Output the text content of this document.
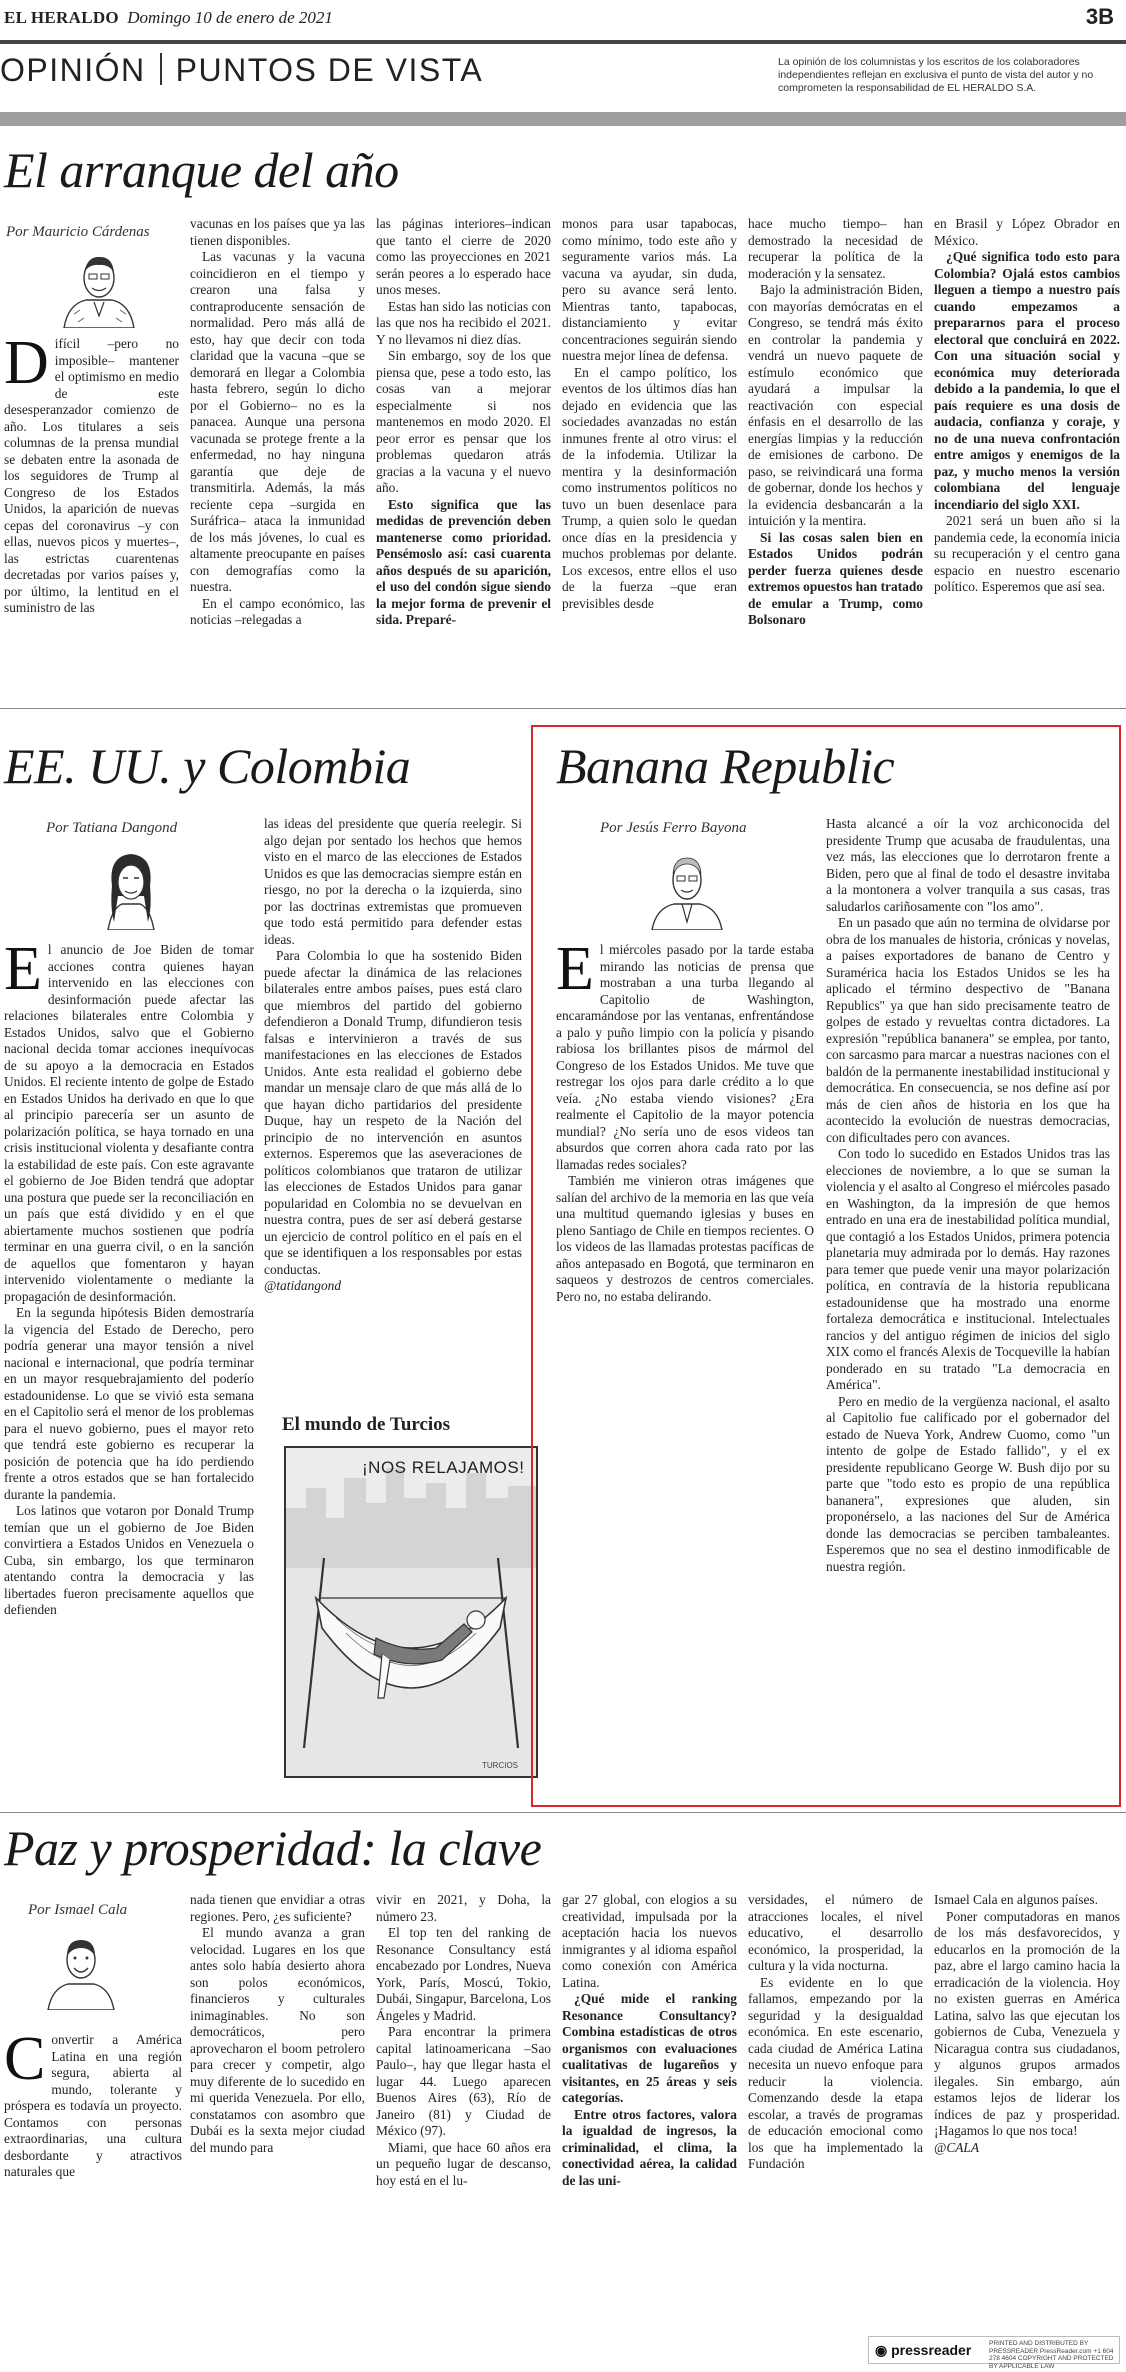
EL HERALDO Domingo 10 de enero de 2021	3B
OPINIÓN PUNTOS DE VISTA	La opinión de los columnistas y los escritos de los colaboradores independientes reflejan en exclusiva el punto de vista del autor y no comprometen la responsabilidad de EL HERALDO S.A.
El arranque del año
Por Mauricio Cárdenas

Difícil –pero no imposible– mantener el optimismo en medio de este desesperanzador comienzo de año. Los titulares a seis columnas de la prensa mundial se debaten entre la asonada de los seguidores de Trump al Congreso de los Estados Unidos, la aparición de nuevas cepas del coronavirus –y con ellas, nuevos picos y muertes–, las estrictas cuarentenas decretadas por varios países y, por último, la lentitud en el suministro de las

vacunas en los países que ya las tienen disponibles.

Las vacunas y la vacuna coincidieron en el tiempo y crearon una falsa y contraproducente sensación de normalidad. Pero más allá de esto, hay que decir con toda claridad que la vacuna –que se demorará en llegar a Colombia hasta febrero, según lo dicho por el Gobierno– no es la panacea. Aunque una persona vacunada se protege frente a la enfermedad, no hay ninguna garantía que deje de transmitirla. Además, la más reciente cepa –surgida en Suráfrica– ataca la inmunidad de los más jóvenes, lo cual es altamente preocupante en países con demografías como la nuestra.

En el campo económico, las noticias –relegadas a

las páginas interiores–indican que tanto el cierre de 2020 como las proyecciones en 2021 serán peores a lo esperado hace unos meses.

Estas han sido las noticias con las que nos ha recibido el 2021. Y no llevamos ni diez días.

Sin embargo, soy de los que piensa que, pese a todo esto, las cosas van a mejorar especialmente si nos mantenemos en modo 2020. El peor error es pensar que los problemas quedaron atrás gracias a la vacuna y el nuevo año.

Esto significa que las medidas de prevención deben mantenerse como prioridad. Pensémoslo así: casi cuarenta años después de su aparición, el uso del condón sigue siendo la mejor forma de prevenir el sida. Preparé-

monos para usar tapabocas, como mínimo, todo este año y seguramente varios más. La vacuna va ayudar, sin duda, pero su avance será lento. Mientras tanto, tapabocas, distanciamiento y evitar concentraciones seguirán siendo nuestra mejor línea de defensa.

En el campo político, los eventos de los últimos días han dejado en evidencia que las sociedades avanzadas no están inmunes frente al otro virus: el de la infodemia. Utilizar la mentira y la desinformación como instrumentos políticos no tuvo un buen desenlace para Trump, a quien solo le quedan once días en la presidencia y muchos problemas por delante. Los excesos, entre ellos el uso de la fuerza –que eran previsibles desde

hace mucho tiempo– han demostrado la necesidad de recuperar la política de la moderación y la sensatez.

Bajo la administración Biden, con mayorías demócratas en el Congreso, se tendrá más éxito en controlar la pandemia y vendrá un nuevo paquete de estímulo económico que ayudará a impulsar la reactivación con especial énfasis en el desarrollo de las energías limpias y la reducción de emisiones de carbono. De paso, se reivindicará una forma de gobernar, donde los hechos y la evidencia desbancarán a la intuición y la mentira.

Si las cosas salen bien en Estados Unidos podrán perder fuerza quienes desde extremos opuestos han tratado de emular a Trump, como Bolsonaro

en Brasil y López Obrador en México.

¿Qué significa todo esto para Colombia? Ojalá estos cambios lleguen a tiempo a nuestro país cuando empezamos a prepararnos para el proceso electoral que concluirá en 2022. Con una situación social y económica muy deteriorada debido a la pandemia, lo que el país requiere es una dosis de audacia, confianza y coraje, y no de una nueva confrontación entre amigos y enemigos de la paz, y mucho menos la versión colombiana del lenguaje incendiario del siglo XXI.

2021 será un buen año si la pandemia cede, la economía inicia su recuperación y el centro gana espacio en nuestro escenario político. Esperemos que así sea.

EE. UU. y Colombia
Por Tatiana Dangond

El anuncio de Joe Biden de tomar acciones contra quienes hayan intervenido en las elecciones con desinformación puede afectar las relaciones bilaterales entre Colombia y Estados Unidos, salvo que el Gobierno nacional decida tomar acciones inequívocas de su apoyo a la democracia en Estados Unidos. El reciente intento de golpe de Estado en Estados Unidos ha derivado en que lo que al principio parecería ser un asunto de polarización política, se haya tornado en una crisis institucional violenta y desafiante contra la estabilidad de este país. Con este agravante el gobierno de Joe Biden tendrá que adoptar una postura que puede ser la reconciliación en un país que está dividido y en el que abiertamente muchos sostienen que podría terminar en una guerra civil, o en la sanción de aquellos que fomentaron y hayan intervenido violentamente o mediante la propagación de desinformación.

En la segunda hipótesis Biden demostraría la vigencia del Estado de Derecho, pero podría generar una mayor tensión a nivel nacional e internacional, que podría terminar en un mayor resquebrajamiento del poderío estadounidense. Lo que se vivió esta semana en el Capitolio será el menor de los problemas para el nuevo gobierno, pues el mayor reto que tendrá este gobierno es recuperar la posición de potencia que ha ido perdiendo frente a otros estados que se han fortalecido durante la pandemia.

Los latinos que votaron por Donald Trump temían que un el gobierno de Joe Biden convirtiera a Estados Unidos en Venezuela o Cuba, sin embargo, los que terminaron atentando contra la democracia y las libertades fueron precisamente aquellos que defienden

las ideas del presidente que quería reelegir. Si algo dejan por sentado los hechos que hemos visto en el marco de las elecciones de Estados Unidos es que las democracias siempre están en riesgo, no por la derecha o la izquierda, sino por las doctrinas extremistas que promueven que todo está permitido para defender estas ideas.

Para Colombia lo que ha sostenido Biden puede afectar la dinámica de las relaciones bilaterales entre ambos países, pues está claro que miembros del partido del gobierno defendieron a Donald Trump, difundieron tesis falsas e intervinieron a través de sus manifestaciones en las elecciones de Estados Unidos. Ante esta realidad el gobierno debe mandar un mensaje claro de que más allá de lo que hayan dicho partidarios del presidente Duque, hay un respeto de la Nación del principio de no intervención en asuntos externos. Esperemos que las aseveraciones de políticos colombianos que trataron de utilizar las elecciones de Estados Unidos para ganar popularidad en Colombia no se devuelvan en nuestra contra, pues de ser así deberá gestarse un ejercicio de control político en el país en el que se identifiquen a los responsables por estas conductas.

@tatidangond

El mundo de Turcios
TURCIOS
¡NOS RELAJAMOS!
Banana Republic
Por Jesús Ferro Bayona

El miércoles pasado por la tarde estaba mirando las noticias de prensa que mostraban a una turba llegando al Capitolio de Washington, encaramándose por las ventanas, enfrentándose a palo y puño limpio con la policía y pisando rabiosa los brillantes pisos de mármol del Congreso de los Estados Unidos. Me tuve que restregar los ojos para darle crédito a lo que veía. ¿No estaba viendo visiones? ¿Era realmente el Capitolio de la mayor potencia mundial? ¿No sería uno de esos videos tan absurdos que corren ahora cada rato por las llamadas redes sociales?

También me vinieron otras imágenes que salían del archivo de la memoria en las que veía una multitud quemando iglesias y buses en pleno Santiago de Chile en tiempos recientes. O los videos de las llamadas protestas pacíficas de años antepasado en Bogotá, que terminaron en saqueos y destrozos de centros comerciales. Pero no, no estaba delirando.

Hasta alcancé a oír la voz archiconocida del presidente Trump que acusaba de fraudulentas, una vez más, las elecciones que lo derrotaron frente a Biden, pero que al final de todo el desastre invitaba a la montonera a volver tranquila a sus casas, tras saludarlos cariñosamente con "los amo".

En un pasado que aún no termina de olvidarse por obra de los manuales de historia, crónicas y novelas, a países exportadores de banano de Centro y Suramérica hacia los Estados Unidos se les ha aplicado el término despectivo de "Banana Republics" ya que han sido precisamente teatro de golpes de estado y revueltas contra dictadores. La expresión "república bananera" se emplea, por tanto, con sarcasmo para marcar a nuestras naciones con el baldón de la permanente inestabilidad institucional y democrática. En consecuencia, se nos define así por más de cien años de historia en los que ha acontecido la evolución de nuestras democracias, con dificultades pero con avances.

Con todo lo sucedido en Estados Unidos tras las elecciones de noviembre, a lo que se suman la violencia y el asalto al Congreso el miércoles pasado en Washington, da la impresión de que hemos entrado en una era de inestabilidad política mundial, que contagió a los Estados Unidos, primera potencia planetaria muy admirada por lo demás. Hay razones para temer que puede venir una mayor polarización política, en contravía de la historia republicana estadounidense que ha mostrado una enorme fortaleza democrática e institucional. Intelectuales rancios y del antiguo régimen de inicios del siglo XIX como el francés Alexis de Tocqueville la habían ponderado en su tratado "La democracia en América".

Pero en medio de la vergüenza nacional, el asalto al Capitolio fue calificado por el gobernador del estado de Nueva York, Andrew Cuomo, como "un intento de golpe de Estado fallido", y el ex presidente republicano George W. Bush dijo por su parte que "todo esto es propio de una república bananera", expresiones que aluden, sin proponérselo, a las naciones del Sur de América donde las democracias se perciben tambaleantes. Esperemos que no sea el destino inmodificable de nuestra región.

Paz y prosperidad: la clave
Por Ismael Cala

Convertir a América Latina en una región segura, abierta al mundo, tolerante y próspera es todavía un proyecto. Contamos con personas extraordinarias, una cultura desbordante y atractivos naturales que

nada tienen que envidiar a otras regiones. Pero, ¿es suficiente?

El mundo avanza a gran velocidad. Lugares en los que antes solo había desierto ahora son polos económicos, financieros y culturales inimaginables. No son democráticos, pero aprovecharon el boom petrolero para crecer y competir, algo muy diferente de lo sucedido en mi querida Venezuela. Por ello, constatamos con asombro que Dubái es la sexta mejor ciudad del mundo para

vivir en 2021, y Doha, la número 23.

El top ten del ranking de Resonance Consultancy está encabezado por Londres, Nueva York, París, Moscú, Tokio, Dubái, Singapur, Barcelona, Los Ángeles y Madrid.

Para encontrar la primera capital latinoamericana –Sao Paulo–, hay que llegar hasta el lugar 44. Luego aparecen Buenos Aires (63), Río de Janeiro (81) y Ciudad de México (97).

Miami, que hace 60 años era un pequeño lugar de descanso, hoy está en el lu-

gar 27 global, con elogios a su creatividad, impulsada por la aceptación hacia los nuevos inmigrantes y al idioma español como conexión con América Latina.

¿Qué mide el ranking Resonance Consultancy? Combina estadísticas de otros organismos con evaluaciones cualitativas de lugareños y visitantes, en 25 áreas y seis categorías.

Entre otros factores, valora la igualdad de ingresos, la criminalidad, el clima, la conectividad aérea, la calidad de las uni-

versidades, el número de atracciones locales, el nivel educativo, el desarrollo económico, la prosperidad, la cultura y la vida nocturna.

Es evidente en lo que fallamos, empezando por la seguridad y la desigualdad económica. En este escenario, cada ciudad de América Latina necesita un nuevo enfoque para reducir la violencia. Comenzando desde la etapa escolar, a través de programas de educación emocional como los que ha implementado la Fundación

Ismael Cala en algunos países.

Poner computadoras en manos de los más desfavorecidos, y educarlos en la promoción de la paz, abre el largo camino hacia la erradicación de la violencia. Hoy no existen guerras en América Latina, salvo las que ejecutan los gobiernos de Cuba, Venezuela y Nicaragua contra sus ciudadanos, y algunos grupos armados ilegales. Sin embargo, aún estamos lejos de liderar los índices de paz y prosperidad. ¡Hagamos lo que nos toca!

@CALA

◉ pressreader	PRINTED AND DISTRIBUTED BY PRESSREADER PressReader.com +1 604 278 4604 COPYRIGHT AND PROTECTED BY APPLICABLE LAW
